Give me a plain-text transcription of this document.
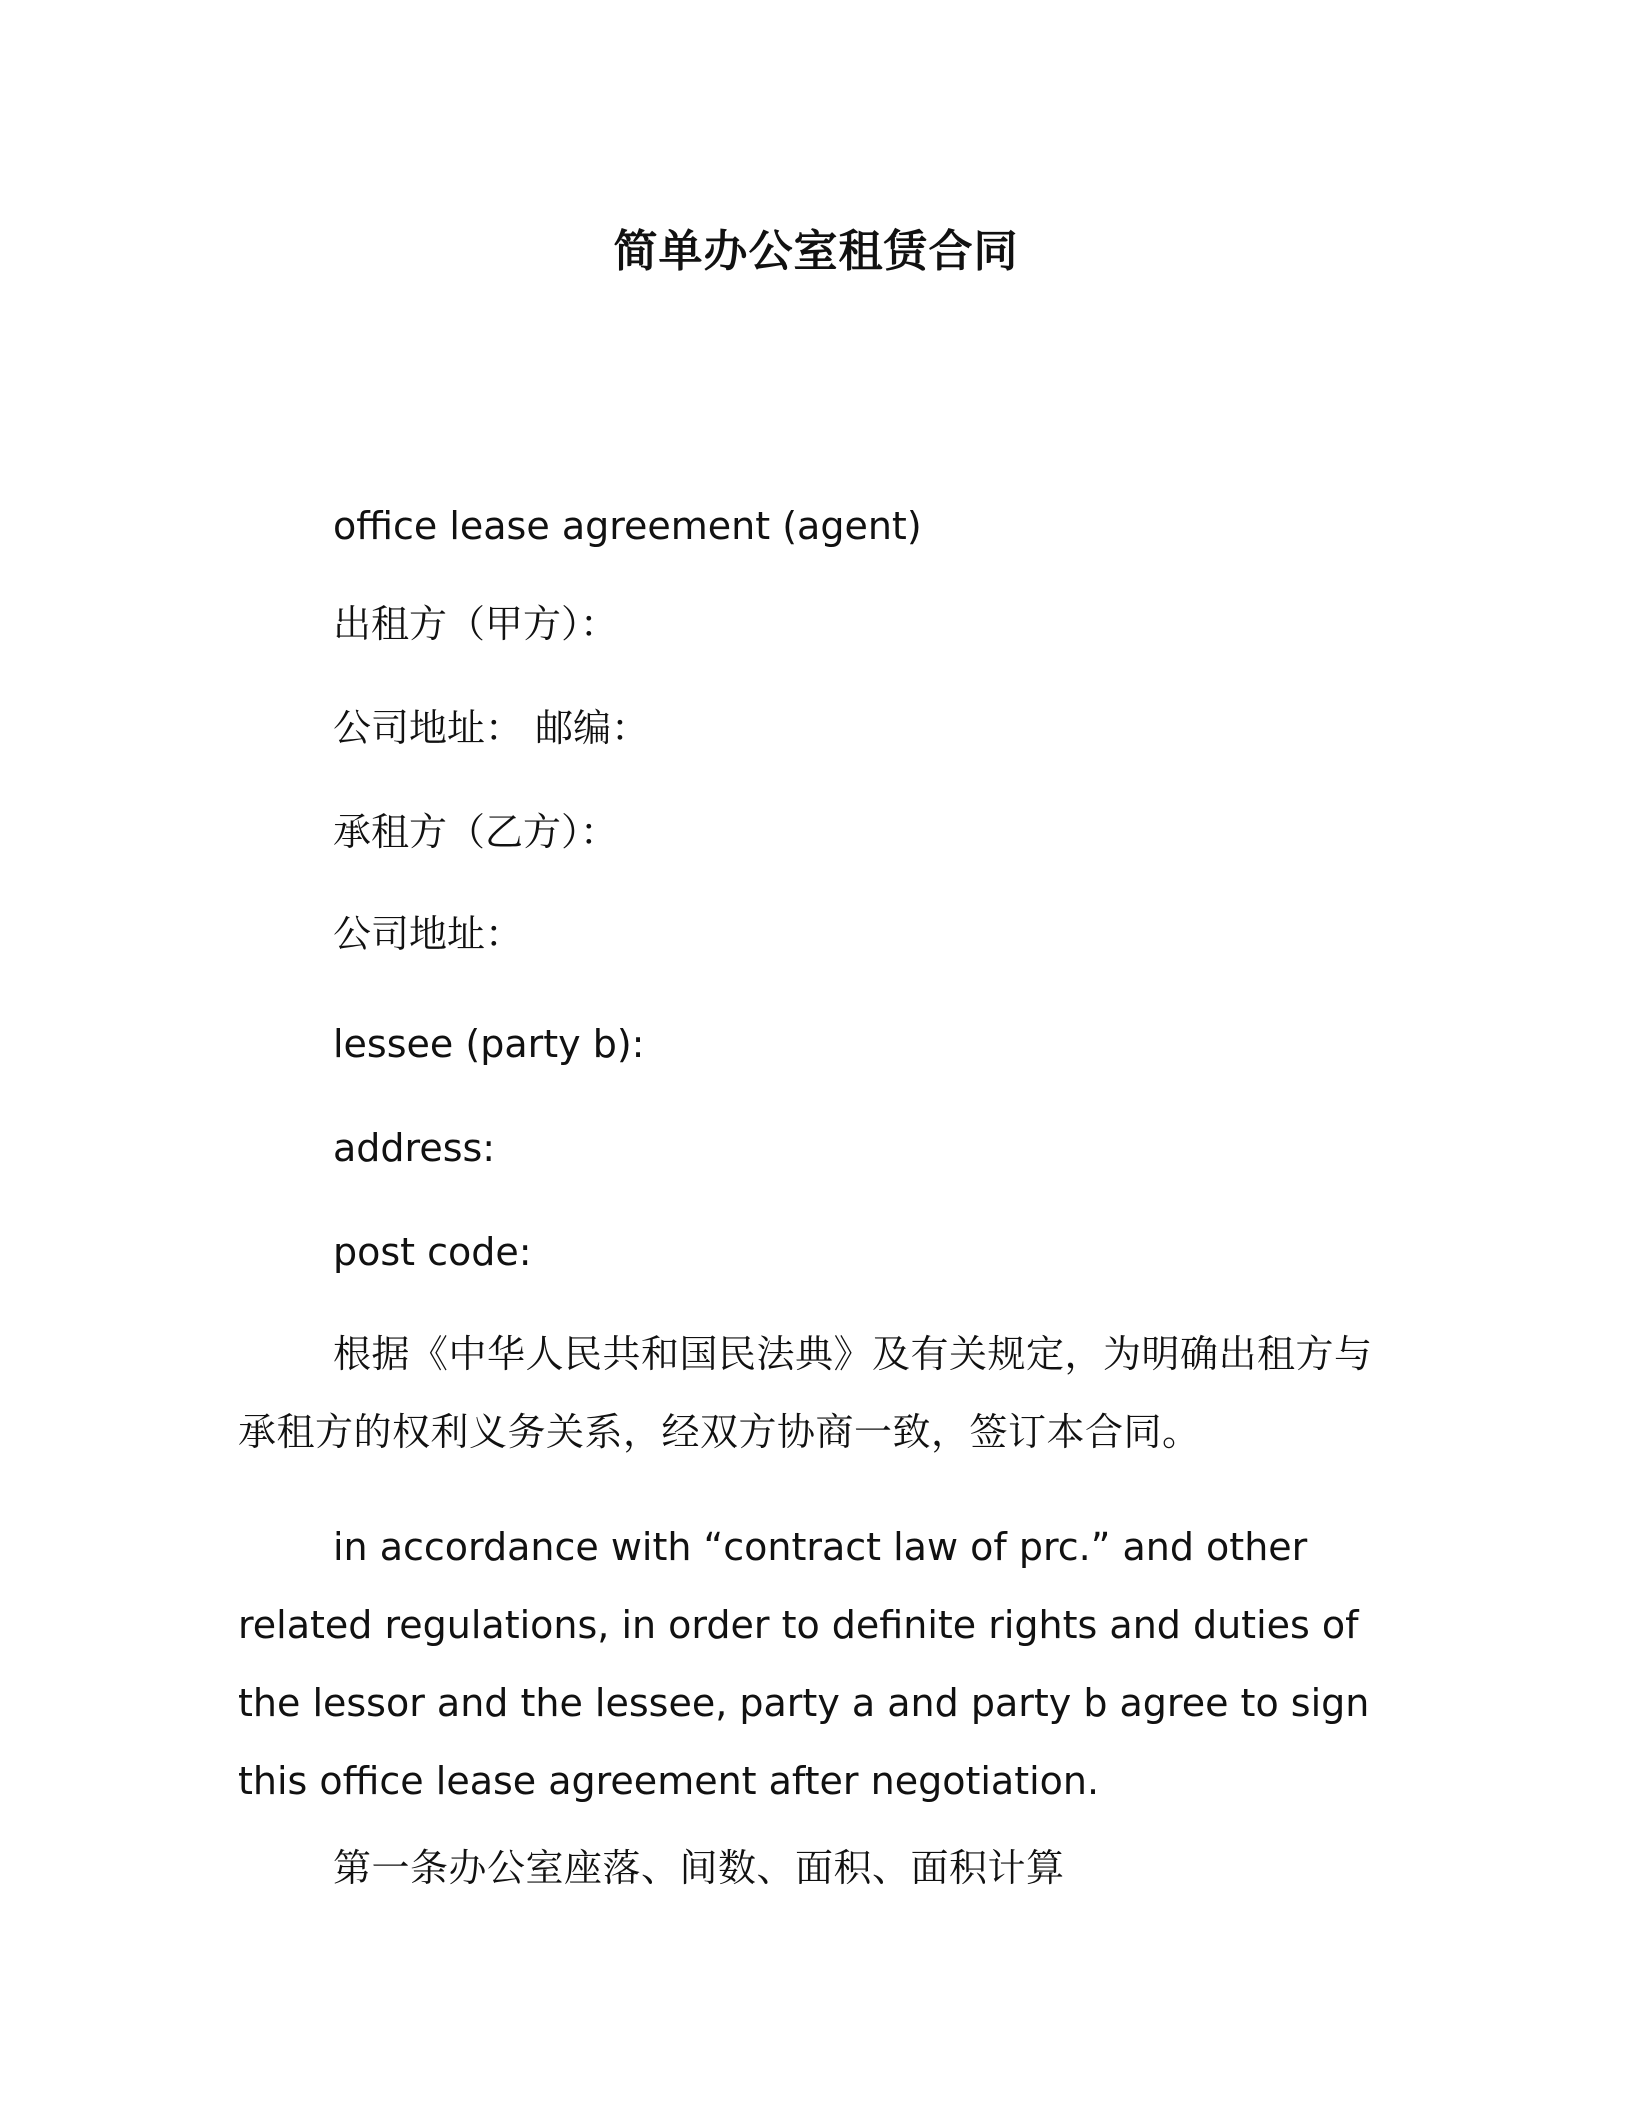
简单办公室租赁合同
office lease agreement (agent)
出租方（甲方）：
公司地址： 邮编：
承租方（乙方）：
公司地址：
lessee (party b):
address:
post code:
根据《中华人民共和国民法典》及有关规定，为明确出租方与承租方的权利义务关系，经双方协商一致，签订本合同。
in accordance with “contract law of prc.” and other related regulations, in order to definite rights and duties of the lessor and the lessee, party a and party b agree to sign this office lease agreement after negotiation.
第一条办公室座落、间数、面积、面积计算
